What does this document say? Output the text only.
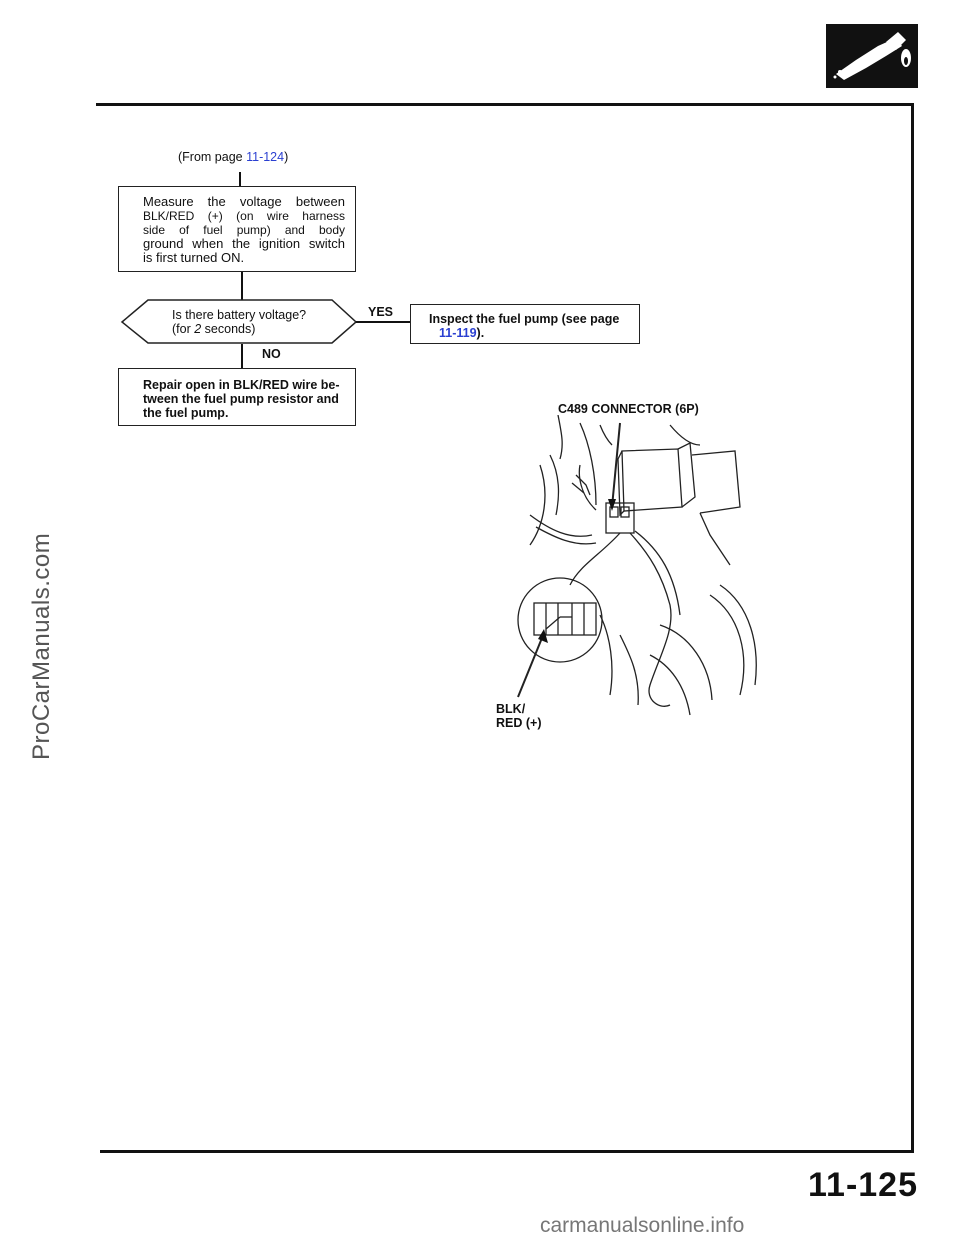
(From page 11-124)
Measure the voltage between
BLK/RED (+) (on wire harness
side of fuel pump) and body
ground when the ignition switch
is first turned ON.
Is there battery voltage?
(for 2 seconds)
YES	Inspect the fuel pump (see page
11-119).
NO
Repair open in BLK/RED wire be-
tween the fuel pump resistor and
the fuel pump.	C489 CONNECTOR (6P)
BLK/
RED (+)
11-125
ProCarManuals.com
carmanualsonline.info
